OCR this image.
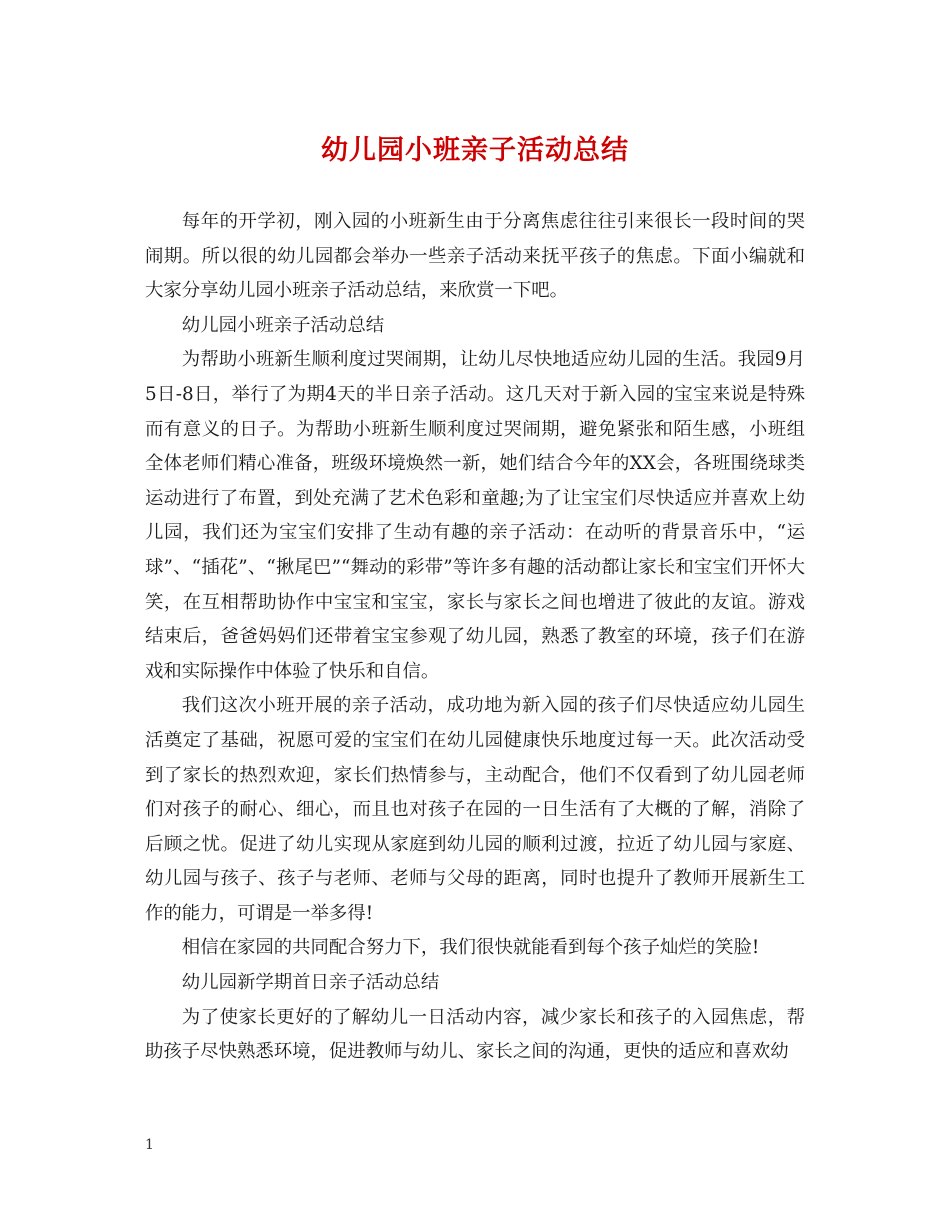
幼儿园小班亲子活动总结

每年的开学初，刚入园的小班新生由于分离焦虑往往引来很长一段时间的哭闹期。所以很的幼儿园都会举办一些亲子活动来抚平孩子的焦虑。下面小编就和大家分享幼儿园小班亲子活动总结，来欣赏一下吧。

幼儿园小班亲子活动总结

为帮助小班新生顺利度过哭闹期，让幼儿尽快地适应幼儿园的生活。我园9月5日-8日，举行了为期4天的半日亲子活动。这几天对于新入园的宝宝来说是特殊而有意义的日子。为帮助小班新生顺利度过哭闹期，避免紧张和陌生感，小班组全体老师们精心准备，班级环境焕然一新，她们结合今年的XX会，各班围绕球类运动进行了布置，到处充满了艺术色彩和童趣;为了让宝宝们尽快适应并喜欢上幼儿园，我们还为宝宝们安排了生动有趣的亲子活动：在动听的背景音乐中，“运球”、“插花”、“揪尾巴”“舞动的彩带”等许多有趣的活动都让家长和宝宝们开怀大笑，在互相帮助协作中宝宝和宝宝，家长与家长之间也增进了彼此的友谊。游戏结束后，爸爸妈妈们还带着宝宝参观了幼儿园，熟悉了教室的环境，孩子们在游戏和实际操作中体验了快乐和自信。

我们这次小班开展的亲子活动，成功地为新入园的孩子们尽快适应幼儿园生活奠定了基础，祝愿可爱的宝宝们在幼儿园健康快乐地度过每一天。此次活动受到了家长的热烈欢迎，家长们热情参与，主动配合，他们不仅看到了幼儿园老师们对孩子的耐心、细心，而且也对孩子在园的一日生活有了大概的了解，消除了后顾之忧。促进了幼儿实现从家庭到幼儿园的顺利过渡，拉近了幼儿园与家庭、幼儿园与孩子、孩子与老师、老师与父母的距离，同时也提升了教师开展新生工作的能力，可谓是一举多得!

相信在家园的共同配合努力下，我们很快就能看到每个孩子灿烂的笑脸!

幼儿园新学期首日亲子活动总结

为了使家长更好的了解幼儿一日活动内容，减少家长和孩子的入园焦虑，帮助孩子尽快熟悉环境，促进教师与幼儿、家长之间的沟通，更快的适应和喜欢幼

1
